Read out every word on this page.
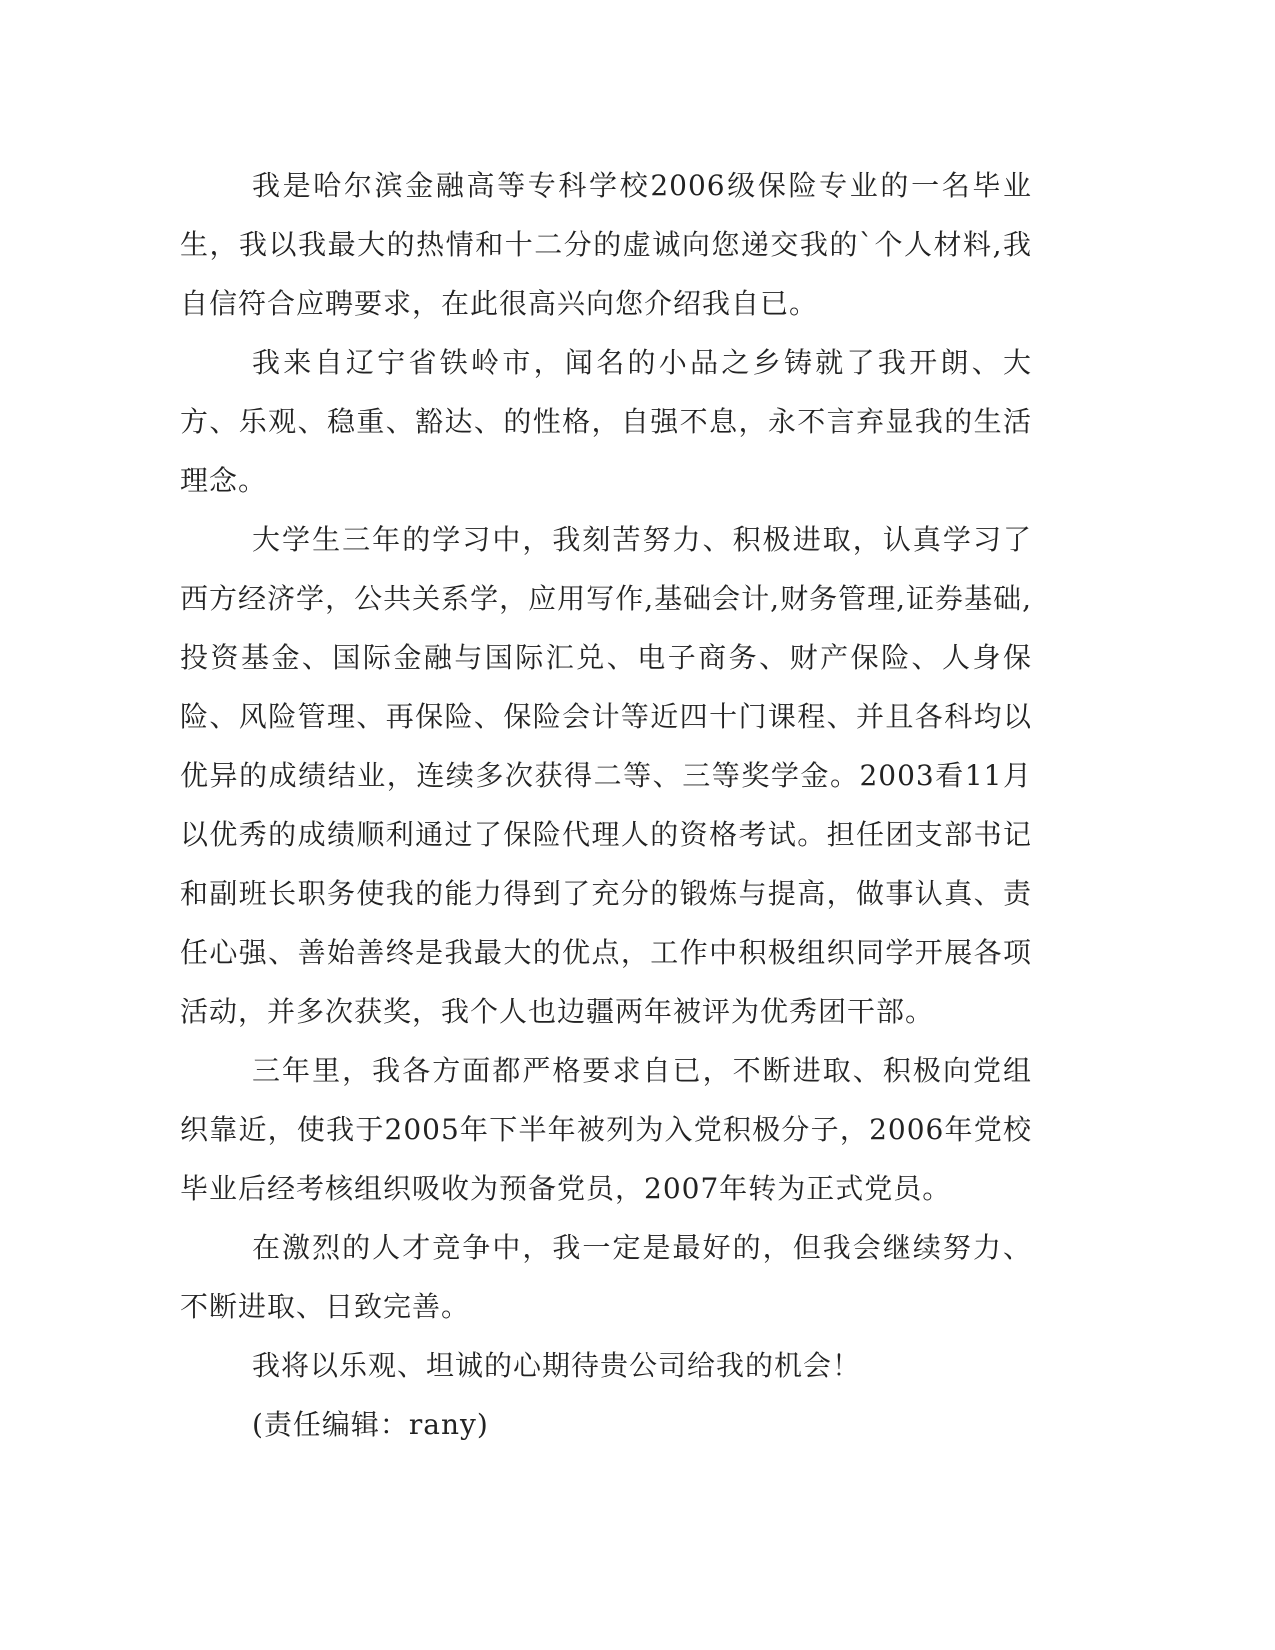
我是哈尔滨金融高等专科学校2006级保险专业的一名毕业生，我以我最大的热情和十二分的虚诚向您递交我的`个人材料,我自信符合应聘要求，在此很高兴向您介绍我自已。

我来自辽宁省铁岭市，闻名的小品之乡铸就了我开朗、大方、乐观、稳重、豁达、的性格，自强不息，永不言弃显我的生活理念。

大学生三年的学习中，我刻苦努力、积极进取，认真学习了西方经济学，公共关系学，应用写作,基础会计,财务管理,证券基础,投资基金、国际金融与国际汇兑、电子商务、财产保险、人身保险、风险管理、再保险、保险会计等近四十门课程、并且各科均以优异的成绩结业，连续多次获得二等、三等奖学金。2003看11月以优秀的成绩顺利通过了保险代理人的资格考试。担任团支部书记和副班长职务使我的能力得到了充分的锻炼与提高，做事认真、责任心强、善始善终是我最大的优点，工作中积极组织同学开展各项活动，并多次获奖，我个人也边疆两年被评为优秀团干部。

三年里，我各方面都严格要求自已，不断进取、积极向党组织靠近，使我于2005年下半年被列为入党积极分子，2006年党校毕业后经考核组织吸收为预备党员，2007年转为正式党员。

在激烈的人才竞争中，我一定是最好的，但我会继续努力、不断进取、日致完善。

我将以乐观、坦诚的心期待贵公司给我的机会！

(责任编辑：rany)
